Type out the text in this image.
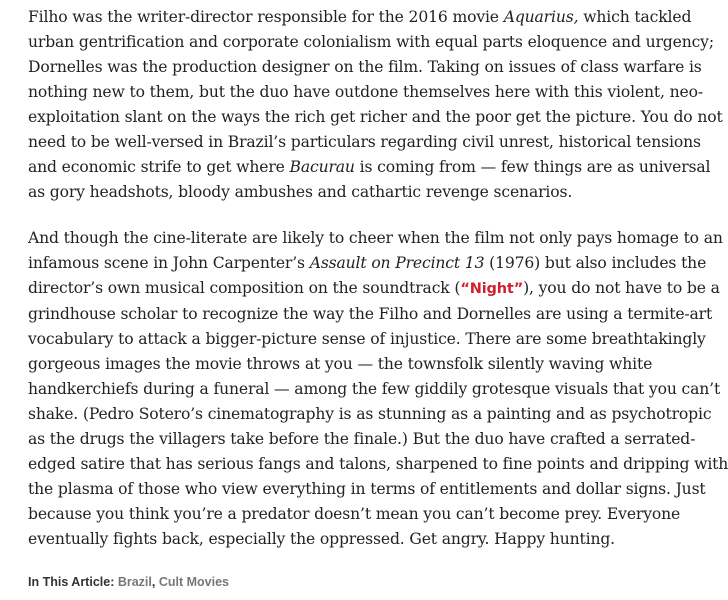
Filho was the writer-director responsible for the 2016 movie Aquarius, which tackled
urban gentrification and corporate colonialism with equal parts eloquence and urgency;
Dornelles was the production designer on the film. Taking on issues of class warfare is
nothing new to them, but the duo have outdone themselves here with this violent, neo-
exploitation slant on the ways the rich get richer and the poor get the picture. You do not
need to be well-versed in Brazil’s particulars regarding civil unrest, historical tensions
and economic strife to get where Bacurau is coming from — few things are as universal
as gory headshots, bloody ambushes and cathartic revenge scenarios.

And though the cine-literate are likely to cheer when the film not only pays homage to an
infamous scene in John Carpenter’s Assault on Precinct 13 (1976) but also includes the
director’s own musical composition on the soundtrack (“Night”), you do not have to be a
grindhouse scholar to recognize the way the Filho and Dornelles are using a termite-art
vocabulary to attack a bigger-picture sense of injustice. There are some breathtakingly
gorgeous images the movie throws at you — the townsfolk silently waving white
handkerchiefs during a funeral — among the few giddily grotesque visuals that you can’t
shake. (Pedro Sotero’s cinematography is as stunning as a painting and as psychotropic
as the drugs the villagers take before the finale.) But the duo have crafted a serrated-
edged satire that has serious fangs and talons, sharpened to fine points and dripping with
the plasma of those who view everything in terms of entitlements and dollar signs. Just
because you think you’re a predator doesn’t mean you can’t become prey. Everyone
eventually fights back, especially the oppressed. Get angry. Happy hunting.

In This Article: Brazil, Cult Movies
